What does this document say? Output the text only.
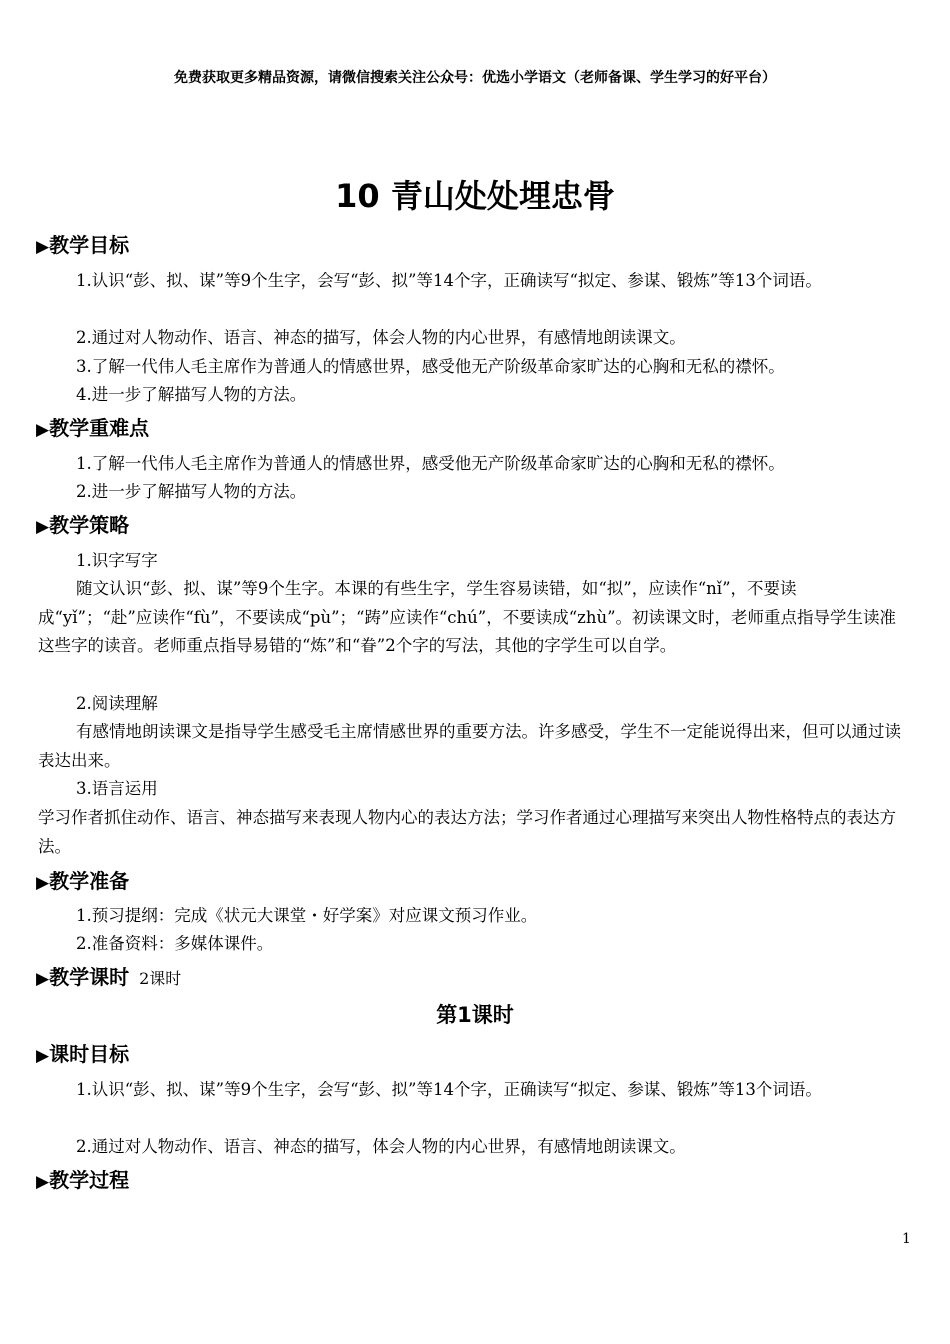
免费获取更多精品资源，请微信搜索关注公众号：优选小学语文（老师备课、学生学习的好平台）
10 青山处处埋忠骨
▶教学目标

1.认识“彭、拟、谋”等9个生字，会写“彭、拟”等14个字，正确读写“拟定、参谋、锻炼”等13个词语。

2.通过对人物动作、语言、神态的描写，体会人物的内心世界，有感情地朗读课文。

3.了解一代伟人毛主席作为普通人的情感世界，感受他无产阶级革命家旷达的心胸和无私的襟怀。

4.进一步了解描写人物的方法。

▶教学重难点

1.了解一代伟人毛主席作为普通人的情感世界，感受他无产阶级革命家旷达的心胸和无私的襟怀。

2.进一步了解描写人物的方法。

▶教学策略

1.识字写字

随文认识“彭、拟、谋”等9个生字。本课的有些生字，学生容易读错，如“拟”，应读作“nǐ”，不要读成“yǐ”；“赴”应读作“fù”，不要读成“pù”；“踌”应读作“chú”，不要读成“zhù”。初读课文时，老师重点指导学生读准这些字的读音。老师重点指导易错的“炼”和“眷”2个字的写法，其他的字学生可以自学。

2.阅读理解

有感情地朗读课文是指导学生感受毛主席情感世界的重要方法。许多感受，学生不一定能说得出来，但可以通过读表达出来。

3.语言运用

学习作者抓住动作、语言、神态描写来表现人物内心的表达方法；学习作者通过心理描写来突出人物性格特点的表达方法。

▶教学准备

1.预习提纲：完成《状元大课堂・好学案》对应课文预习作业。

2.准备资料：多媒体课件。

▶教学课时 2课时
第1课时
▶课时目标

1.认识“彭、拟、谋”等9个生字，会写“彭、拟”等14个字，正确读写“拟定、参谋、锻炼”等13个词语。

2.通过对人物动作、语言、神态的描写，体会人物的内心世界，有感情地朗读课文。

▶教学过程
1
